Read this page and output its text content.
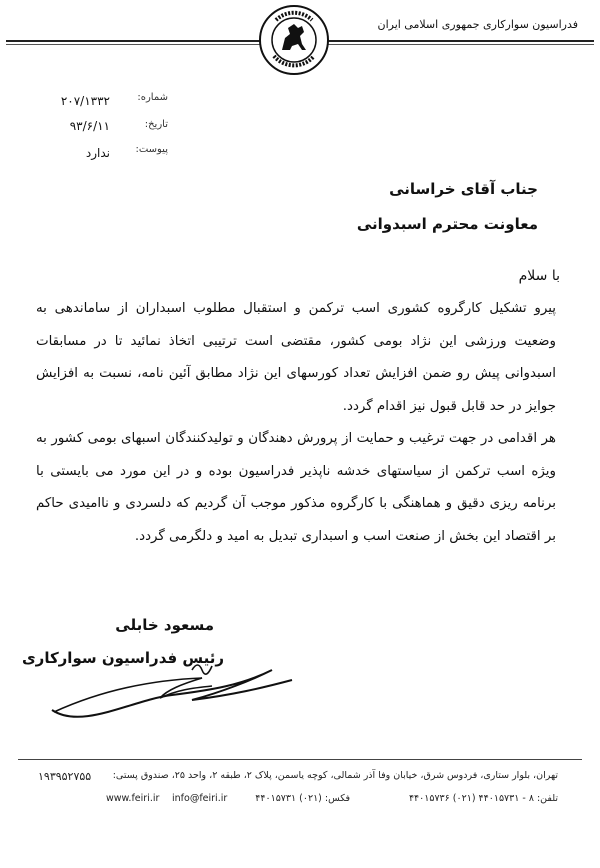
فدراسیون سوارکاری جمهوری اسلامی ایران
شماره:
۲۰۷/۱۳۳۲
تاریخ:
۹۳/۶/۱۱
پیوست:
ندارد
جناب آقای خراسانی
معاونت محترم اسبدوانی
با سلام

پیرو تشکیل کارگروه کشوری اسب ترکمن و استقبال مطلوب اسبداران از ساماندهی به وضعیت ورزشی این نژاد بومی کشور، مقتضی است ترتیبی اتخاذ نمائید تا در مسابقات اسبدوانی پیش رو ضمن افزایش تعداد کورسهای این نژاد مطابق آئین نامه، نسبت به افزایش جوایز در حد قابل قبول نیز اقدام گردد.

هر اقدامی در جهت ترغیب و حمایت از پرورش دهندگان و تولیدکنندگان اسبهای بومی کشور به ویژه اسب ترکمن از سیاستهای خدشه ناپذیر فدراسیون بوده و در این مورد می بایستی با برنامه ریزی دقیق و هماهنگی با کارگروه مذکور موجب آن گردیم که دلسردی و ناامیدی حاکم بر اقتصاد این بخش از صنعت اسب و اسبداری تبدیل به امید و دلگرمی گردد.

مسعود خابلی
رئیس فدراسیون سوارکاری
تهران، بلوار ستاری، فردوس شرق، خیابان وفا آذر شمالی، کوچه یاسمن، پلاک ۲، طبقه ۲، واحد ۲۵، صندوق پستی:
۱۹۳۹۵۲۷۵۵
تلفن: ۸ - ۴۴۰۱۵۷۳۱ (۰۲۱) ۴۴۰۱۵۷۳۶
فکس: (۰۲۱) ۴۴۰۱۵۷۳۱
info@feiri.ir
www.feiri.ir
